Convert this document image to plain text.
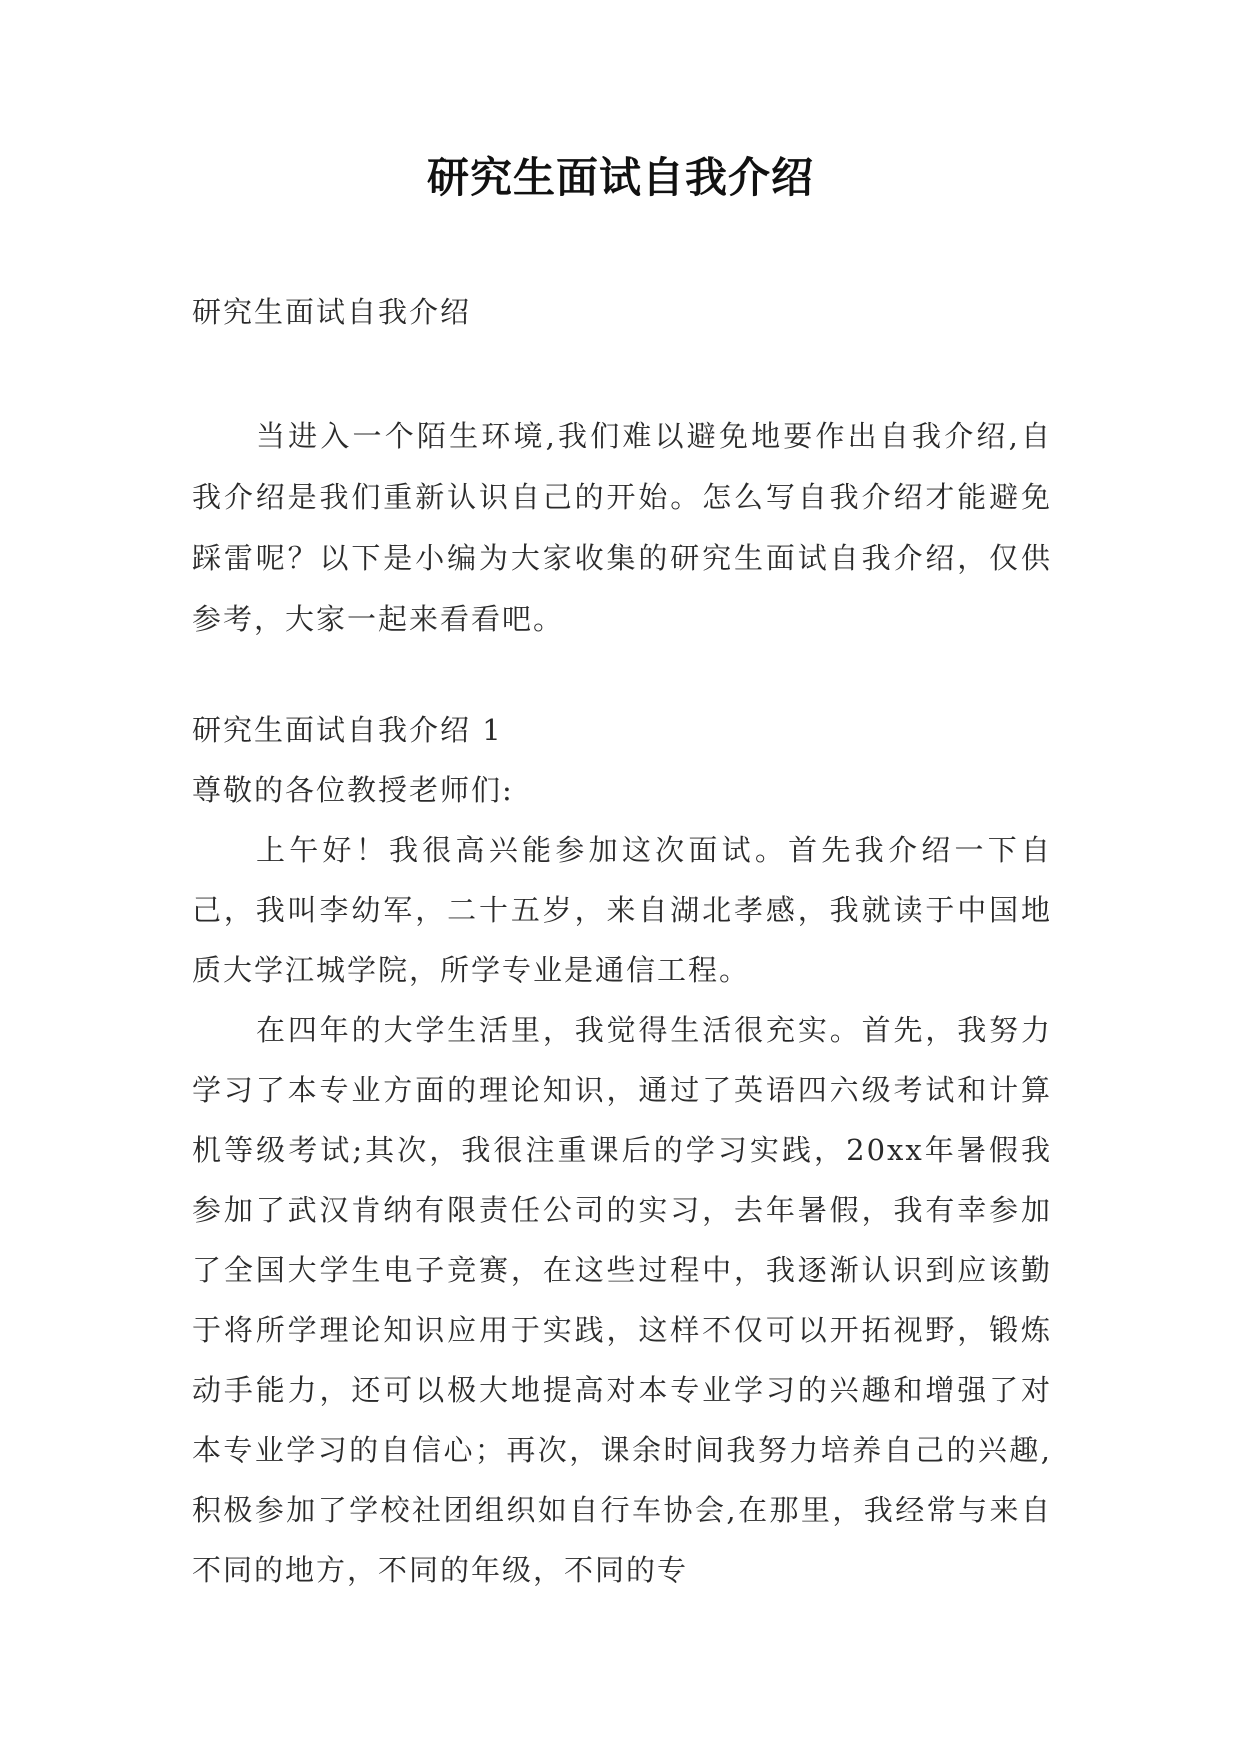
研究生面试自我介绍
研究生面试自我介绍

当进入一个陌生环境,我们难以避免地要作出自我介绍,自我介绍是我们重新认识自己的开始。怎么写自我介绍才能避免踩雷呢？以下是小编为大家收集的研究生面试自我介绍，仅供参考，大家一起来看看吧。

研究生面试自我介绍 1
尊敬的各位教授老师们:

上午好！我很高兴能参加这次面试。首先我介绍一下自己，我叫李幼军，二十五岁，来自湖北孝感，我就读于中国地质大学江城学院，所学专业是通信工程。

在四年的大学生活里，我觉得生活很充实。首先，我努力学习了本专业方面的理论知识，通过了英语四六级考试和计算机等级考试;其次，我很注重课后的学习实践，20xx年暑假我参加了武汉肯纳有限责任公司的实习，去年暑假，我有幸参加了全国大学生电子竞赛，在这些过程中，我逐渐认识到应该勤于将所学理论知识应用于实践，这样不仅可以开拓视野，锻炼动手能力，还可以极大地提高对本专业学习的兴趣和增强了对本专业学习的自信心；再次，课余时间我努力培养自己的兴趣,积极参加了学校社团组织如自行车协会,在那里，我经常与来自不同的地方，不同的年级，不同的专
